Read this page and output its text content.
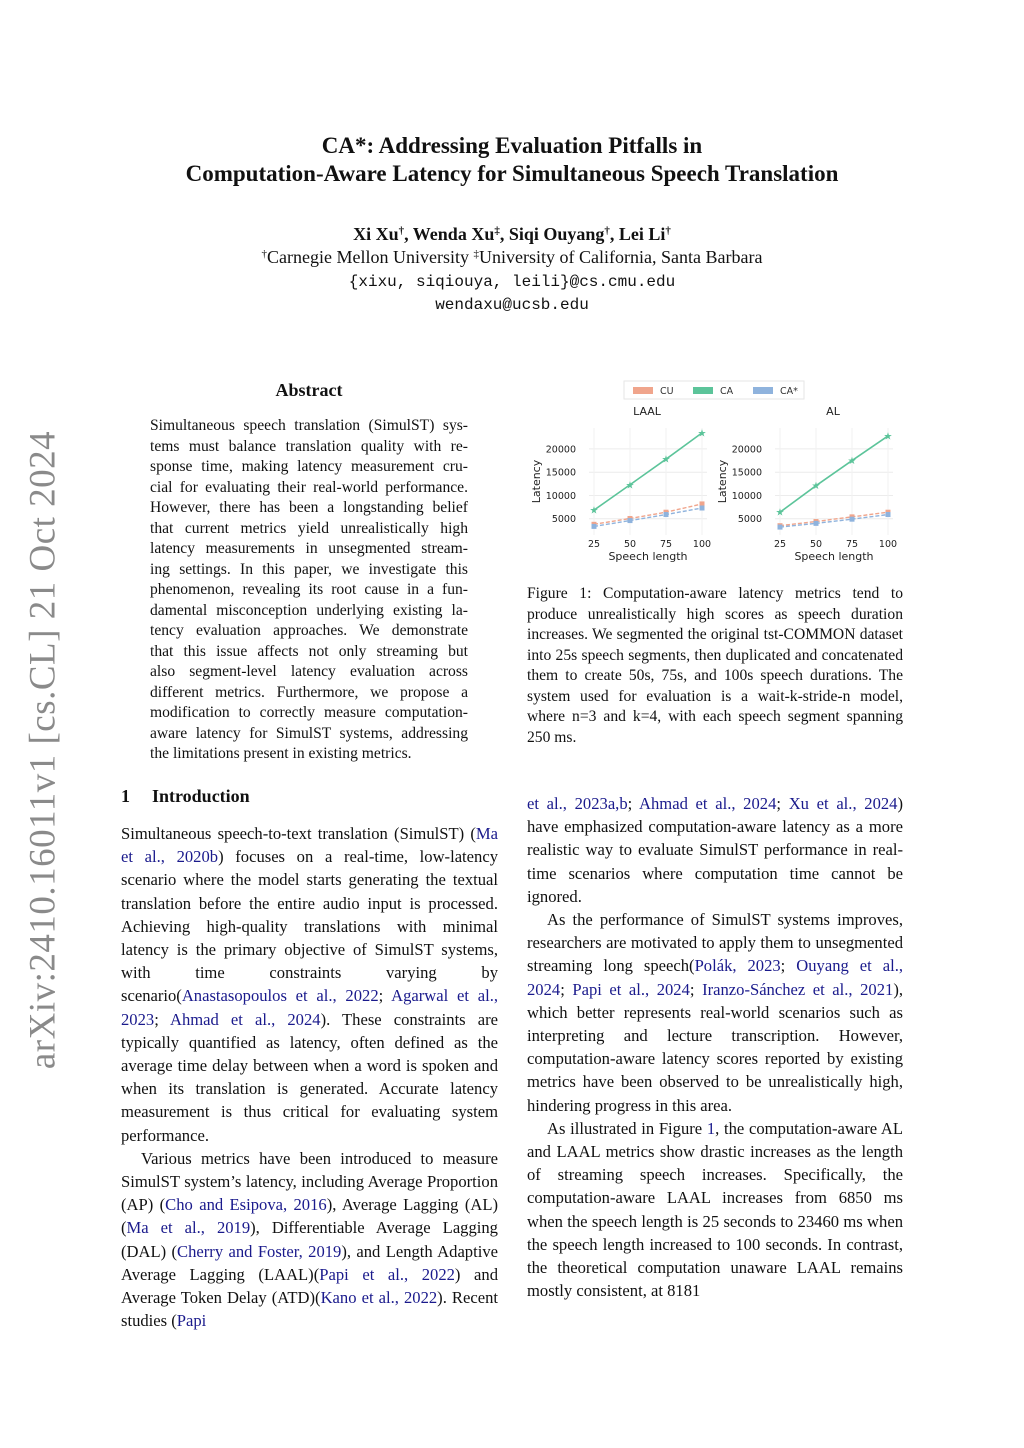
arXiv:2410.16011v1 [cs.CL] 21 Oct 2024
CA*: Addressing Evaluation Pitfalls in
Computation-Aware Latency for Simultaneous Speech Translation
Xi Xu†, Wenda Xu‡, Siqi Ouyang†, Lei Li†
†Carnegie Mellon University ‡University of California, Santa Barbara
{xixu, siqiouya, leili}@cs.cmu.edu
wendaxu@ucsb.edu
Abstract
Simultaneous speech translation (SimulST) sys-
tems must balance translation quality with re-
sponse time, making latency measurement cru-
cial for evaluating their real-world performance.
However, there has been a longstanding belief
that current metrics yield unrealistically high
latency measurements in unsegmented stream-
ing settings. In this paper, we investigate this
phenomenon, revealing its root cause in a fun-
damental misconception underlying existing la-
tency evaluation approaches. We demonstrate
that this issue affects not only streaming but
also segment-level latency evaluation across
different metrics. Furthermore, we propose a
modification to correctly measure computation-
aware latency for SimulST systems, addressing
the limitations present in existing metrics.
1 Introduction

Simultaneous speech-to-text translation (SimulST) (Ma et al., 2020b) focuses on a real-time, low-latency scenario where the model starts generating the textual translation before the entire audio input is processed. Achieving high-quality translations with minimal latency is the primary objective of SimulST systems, with time constraints varying by scenario(Anastasopoulos et al., 2022; Agarwal et al., 2023; Ahmad et al., 2024). These constraints are typically quantified as latency, often defined as the average time delay between when a word is spoken and when its translation is generated. Accurate latency measurement is thus critical for evaluating system performance.

Various metrics have been introduced to measure SimulST system’s latency, including Average Proportion (AP) (Cho and Esipova, 2016), Average Lagging (AL) (Ma et al., 2019), Differentiable Average Lagging (DAL) (Cherry and Foster, 2019), and Length Adaptive Average Lagging (LAAL)(Papi et al., 2022) and Average Token Delay (ATD)(Kano et al., 2022). Recent studies (Papi

CU	CA	CA*
LAAL
5000
10000
15000
20000
25	50	75 100
Speech length
Latency
★
★
★
★
AL
5000
10000
15000
20000
25	50	75 100
Speech length
Latency
★
★
★
★
Figure 1: Computation-aware latency metrics tend to produce unrealistically high scores as speech duration increases. We segmented the original tst-COMMON dataset into 25s speech segments, then duplicated and concatenated them to create 50s, 75s, and 100s speech durations. The system used for evaluation is a wait-k-stride-n model, where n=3 and k=4, with each speech segment spanning 250 ms.

et al., 2023a,b; Ahmad et al., 2024; Xu et al., 2024) have emphasized computation-aware latency as a more realistic way to evaluate SimulST performance in real-time scenarios where computation time cannot be ignored.

As the performance of SimulST systems improves, researchers are motivated to apply them to unsegmented streaming long speech(Polák, 2023; Ouyang et al., 2024; Papi et al., 2024; Iranzo-Sánchez et al., 2021), which better represents real-world scenarios such as interpreting and lecture transcription. However, computation-aware latency scores reported by existing metrics have been observed to be unrealistically high, hindering progress in this area.

As illustrated in Figure 1, the computation-aware AL and LAAL metrics show drastic increases as the length of streaming speech increases. Specifically, the computation-aware LAAL increases from 6850 ms when the speech length is 25 seconds to 23460 ms when the speech length increased to 100 seconds. In contrast, the theoretical computation unaware LAAL remains mostly consistent, at 8181
